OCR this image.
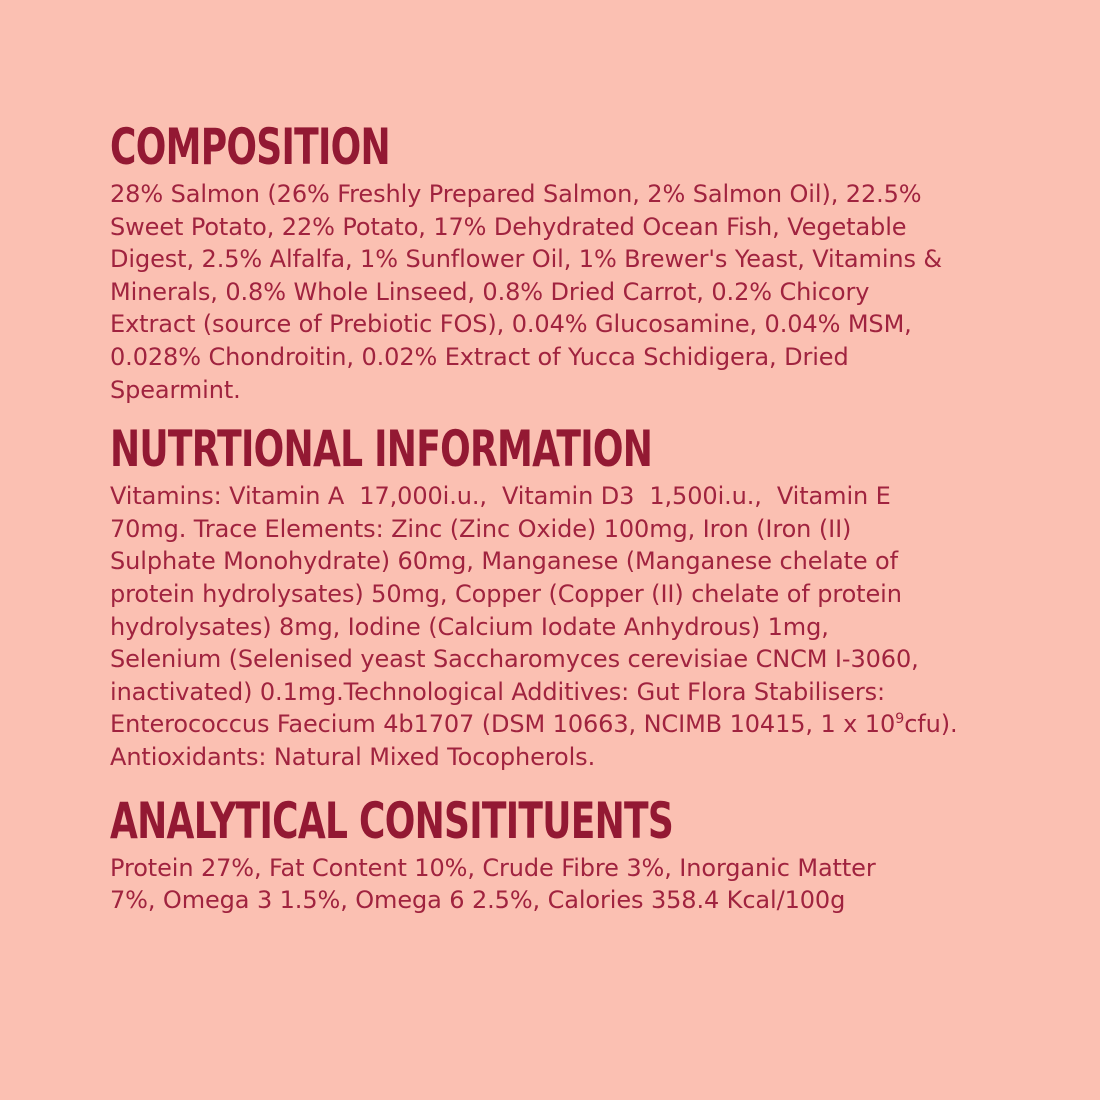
COMPOSITION

28% Salmon (26% Freshly Prepared Salmon, 2% Salmon Oil), 22.5%
Sweet Potato, 22% Potato, 17% Dehydrated Ocean Fish, Vegetable
Digest, 2.5% Alfalfa, 1% Sunflower Oil, 1% Brewer's Yeast, Vitamins &
Minerals, 0.8% Whole Linseed, 0.8% Dried Carrot, 0.2% Chicory
Extract (source of Prebiotic FOS), 0.04% Glucosamine, 0.04% MSM,
0.028% Chondroitin, 0.02% Extract of Yucca Schidigera, Dried
Spearmint.

NUTRTIONAL INFORMATION

Vitamins: Vitamin A  17,000i.u.,  Vitamin D3  1,500i.u.,  Vitamin E
70mg. Trace Elements: Zinc (Zinc Oxide) 100mg, Iron (Iron (II)
Sulphate Monohydrate) 60mg, Manganese (Manganese chelate of
protein hydrolysates) 50mg, Copper (Copper (II) chelate of protein
hydrolysates) 8mg, Iodine (Calcium Iodate Anhydrous) 1mg,
Selenium (Selenised yeast Saccharomyces cerevisiae CNCM I-3060,
inactivated) 0.1mg.Technological Additives: Gut Flora Stabilisers:
Enterococcus Faecium 4b1707 (DSM 10663, NCIMB 10415, 1 x $10^9cfu$).
Antioxidants: Natural Mixed Tocopherols.

ANALYTICAL CONSITITUENTS

Protein 27%, Fat Content 10%, Crude Fibre 3%, Inorganic Matter
7%, Omega 3 1.5%, Omega 6 2.5%, Calories 358.4 Kcal/100g
